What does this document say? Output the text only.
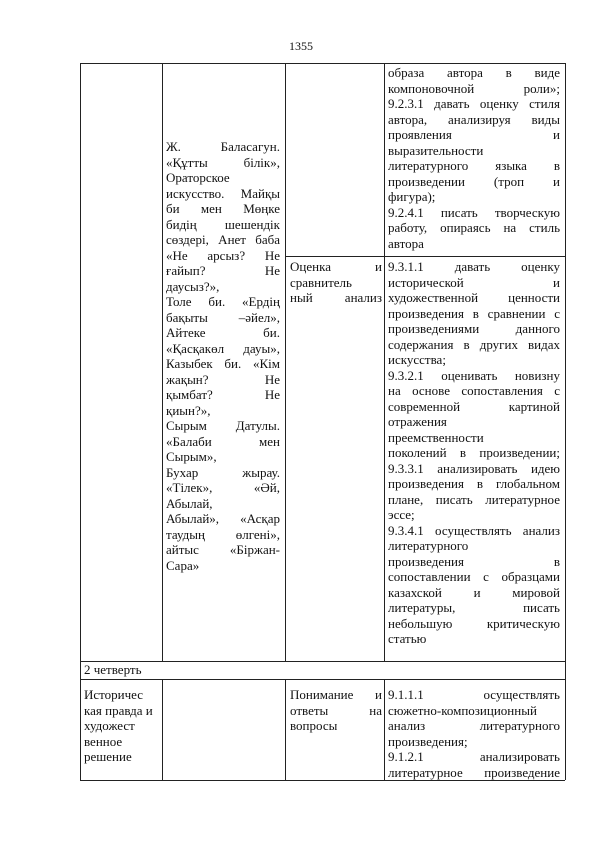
1355
Ж. Баласагун.
«Құтты білік»,
Ораторское
искусство. Майқы
би мен Мөңке
бидің шешендік
сөздері, Анет баба
«Не арсыз? Не
ғайып? Не
даусыз?»,
Толе би. «Ердің
бақыты –әйел»,
Айтеке би.
«Қасқакөл дауы»,
Казыбек би. «Кім
жақын? Не
қымбат? Не
қиын?»,
Сырым Датулы.
«Балаби мен
Сырым»,
Бухар жырау.
«Тілек», «Әй,
Абылай,
Абылай», «Асқар
таудың өлгені»,
айтыс «Біржан-
Сара»
образа автора в виде
компоновочной роли»;
9.2.3.1 давать оценку стиля
автора, анализируя виды
проявления и
выразительности
литературного языка в
произведении (троп и
фигура);
9.2.4.1 писать творческую
работу, опираясь на стиль
автора
Оценка и
сравнитель
ный анализ
9.3.1.1 давать оценку
исторической и
художественной ценности
произведения в сравнении с
произведениями данного
содержания в других видах
искусства;
9.3.2.1 оценивать новизну
на основе сопоставления с
современной картиной
отражения
преемственности
поколений в произведении;
9.3.3.1 анализировать идею
произведения в глобальном
плане, писать литературное
эссе;
9.3.4.1 осуществлять анализ
литературного
произведения в
сопоставлении с образцами
казахской и мировой
литературы, писать
небольшую критическую
статью
2 четверть
Историчес
кая правда и
художест
венное
решение
Понимание и
ответы на
вопросы
9.1.1.1 осуществлять
сюжетно-композиционный
анализ литературного
произведения;
9.1.2.1 анализировать
литературное произведение
